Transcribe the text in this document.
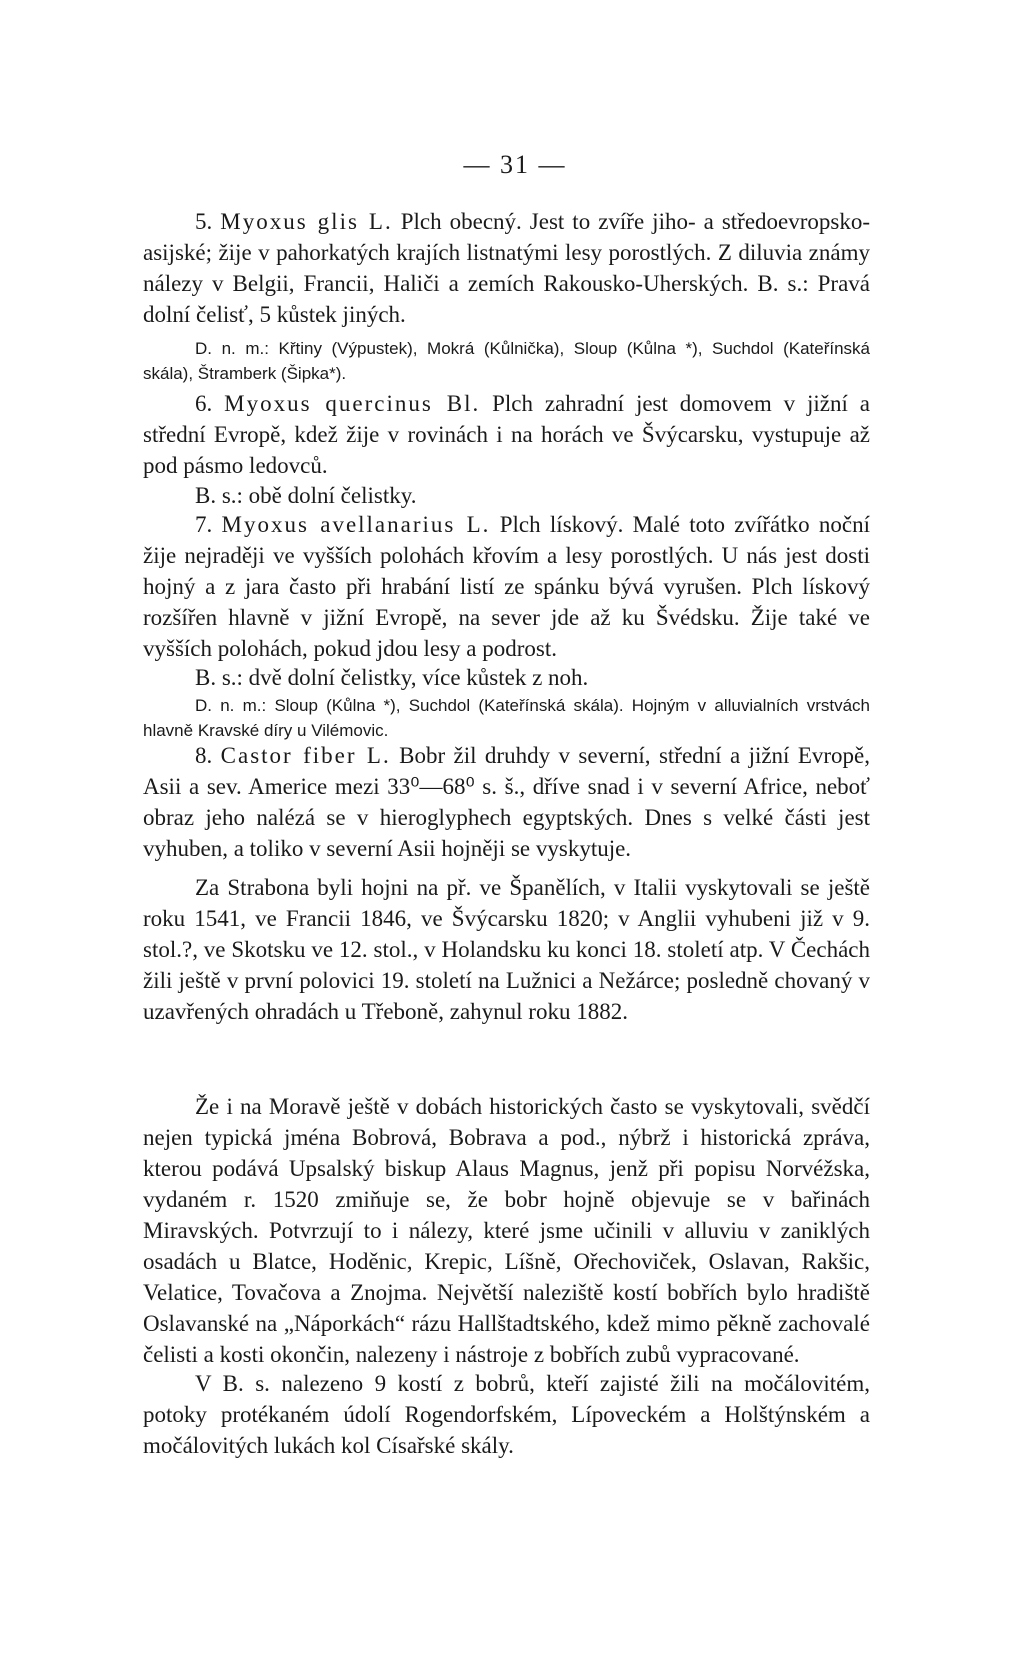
— 31 —

5. Myoxus glis L. Plch obecný. Jest to zvíře jiho- a středoevropsko-asijské; žije v pahorkatých krajích listnatými lesy porostlých. Z diluvia známy nálezy v Belgii, Francii, Haliči a zemích Rakousko-Uherských. B. s.: Pravá dolní čelisť, 5 kůstek jiných.

D. n. m.: Křtiny (Výpustek), Mokrá (Kůlnička), Sloup (Kůlna *), Suchdol (Kateřínská skála), Štramberk (Šipka*).

6. Myoxus quercinus Bl. Plch zahradní jest domovem v jižní a střední Evropě, kdež žije v rovinách i na horách ve Švýcarsku, vystupuje až pod pásmo ledovců.

B. s.: obě dolní čelistky.

7. Myoxus avellanarius L. Plch lískový. Malé toto zvířátko noční žije nejraději ve vyšších polohách křovím a lesy porostlých. U nás jest dosti hojný a z jara často při hrabání listí ze spánku bývá vyrušen. Plch lískový rozšířen hlavně v jižní Evropě, na sever jde až ku Švédsku. Žije také ve vyšších polohách, pokud jdou lesy a podrost.

B. s.: dvě dolní čelistky, více kůstek z noh.

D. n. m.: Sloup (Kůlna *), Suchdol (Kateřínská skála). Hojným v alluvialních vrstvách hlavně Kravské díry u Vilémovic.

8. Castor fiber L. Bobr žil druhdy v severní, střední a jižní Evropě, Asii a sev. Americe mezi 33⁰—68⁰ s. š., dříve snad i v severní Africe, neboť obraz jeho nalézá se v hieroglyphech egyptských. Dnes s velké části jest vyhuben, a toliko v severní Asii hojněji se vyskytuje.

Za Strabona byli hojni na př. ve Španělích, v Italii vyskytovali se ještě roku 1541, ve Francii 1846, ve Švýcarsku 1820; v Anglii vyhubeni již v 9. stol.?, ve Skotsku ve 12. stol., v Holandsku ku konci 18. století atp. V Čechách žili ještě v první polovici 19. století na Lužnici a Nežárce; posledně chovaný v uzavřených ohradách u Třeboně, zahynul roku 1882.

Že i na Moravě ještě v dobách historických často se vyskytovali, svědčí nejen typická jména Bobrová, Bobrava a pod., nýbrž i historická zpráva, kterou podává Upsalský biskup Alaus Magnus, jenž při popisu Norvéžska, vydaném r. 1520 zmiňuje se, že bobr hojně objevuje se v bařinách Miravských. Potvrzují to i nálezy, které jsme učinili v alluviu v zaniklých osadách u Blatce, Hoděnic, Krepic, Líšně, Ořechoviček, Oslavan, Rakšic, Velatice, Tovačova a Znojma. Největší naleziště kostí bobřích bylo hradiště Oslavanské na „Náporkách“ rázu Hallštadtského, kdež mimo pěkně zachovalé čelisti a kosti okončin, nalezeny i nástroje z bobřích zubů vypracované.

V B. s. nalezeno 9 kostí z bobrů, kteří zajisté žili na močálovitém, potoky protékaném údolí Rogendorfském, Lípoveckém a Holštýnském a močálovitých lukách kol Císařské skály.
